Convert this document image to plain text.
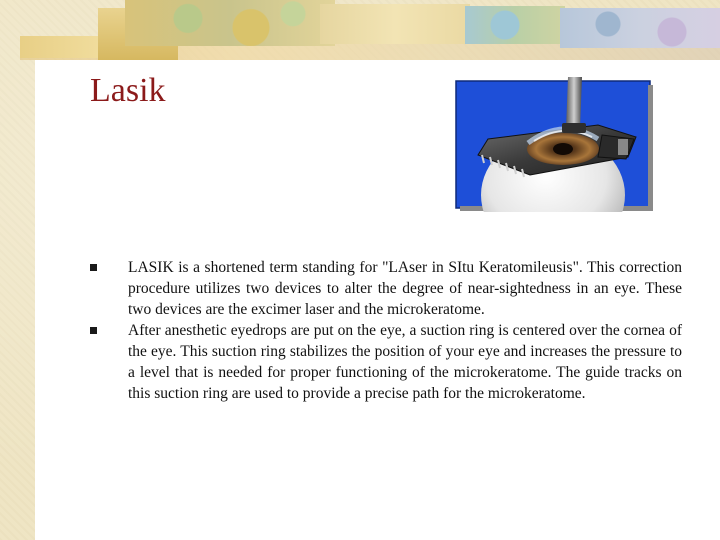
Lasik
LASIK is a shortened term standing for "LAser in SItu Keratomileusis". This correction procedure utilizes two devices to alter the degree of near-sightedness in an eye. These two devices are the excimer laser and the microkeratome.
After anesthetic eyedrops are put on the eye, a suction ring is centered over the cornea of the eye. This suction ring stabilizes the position of your eye and increases the pressure to a level that is needed for proper functioning of the microkeratome. The guide tracks on this suction ring are used to provide a precise path for the microkeratome.
